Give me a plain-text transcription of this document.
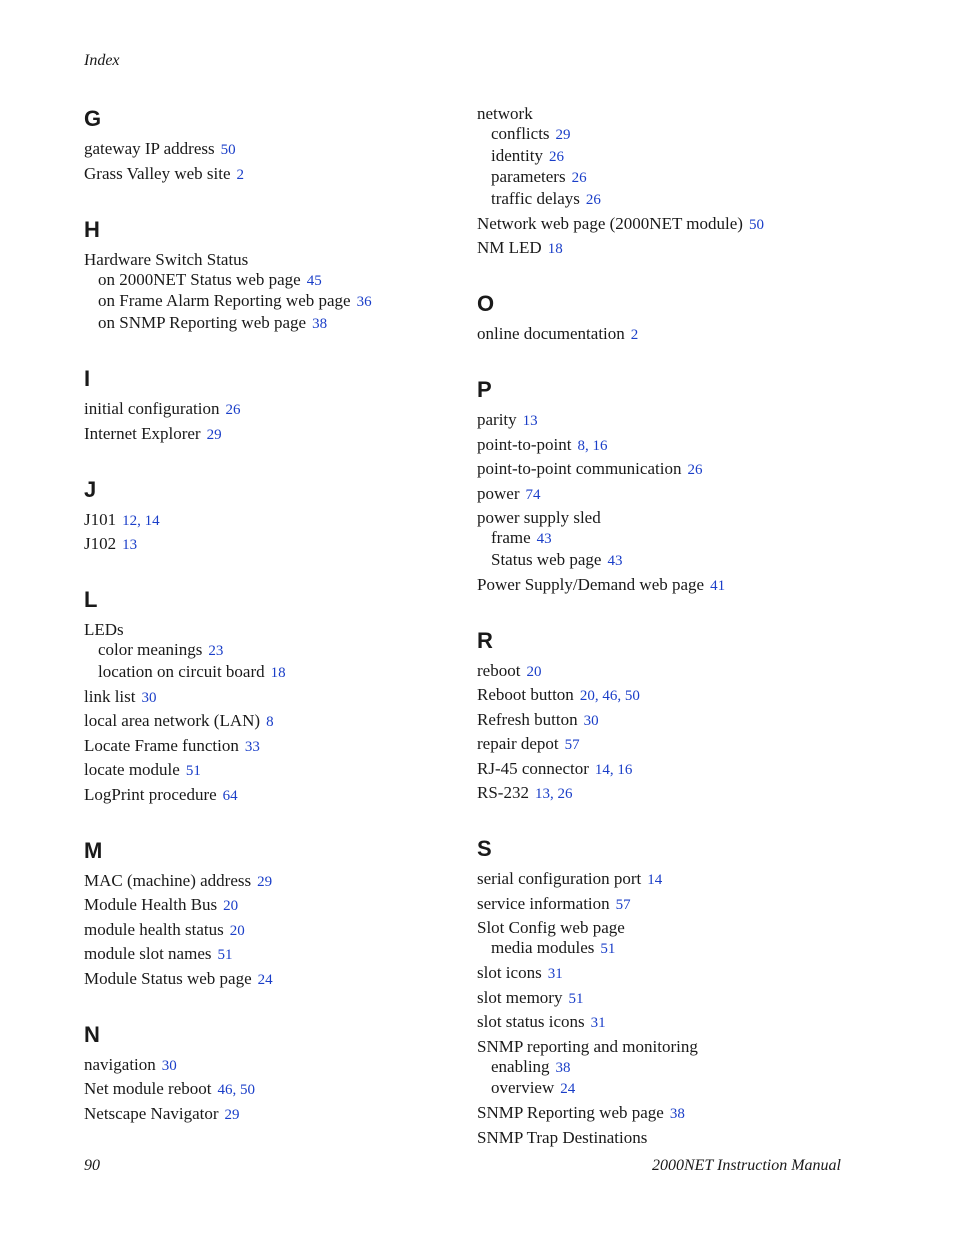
Index
G
gateway IP address 50
Grass Valley web site 2
H
Hardware Switch Status
on 2000NET Status web page 45
on Frame Alarm Reporting web page 36
on SNMP Reporting web page 38
I
initial configuration 26
Internet Explorer 29
J
J101 12, 14
J102 13
L
LEDs
color meanings 23
location on circuit board 18
link list 30
local area network (LAN) 8
Locate Frame function 33
locate module 51
LogPrint procedure 64
M
MAC (machine) address 29
Module Health Bus 20
module health status 20
module slot names 51
Module Status web page 24
N
navigation 30
Net module reboot 46, 50
Netscape Navigator 29
network
conflicts 29
identity 26
parameters 26
traffic delays 26
Network web page (2000NET module) 50
NM LED 18
O
online documentation 2
P
parity 13
point-to-point 8, 16
point-to-point communication 26
power 74
power supply sled
frame 43
Status web page 43
Power Supply/Demand web page 41
R
reboot 20
Reboot button 20, 46, 50
Refresh button 30
repair depot 57
RJ-45 connector 14, 16
RS-232 13, 26
S
serial configuration port 14
service information 57
Slot Config web page
media modules 51
slot icons 31
slot memory 51
slot status icons 31
SNMP reporting and monitoring
enabling 38
overview 24
SNMP Reporting web page 38
SNMP Trap Destinations
90	2000NET Instruction Manual
